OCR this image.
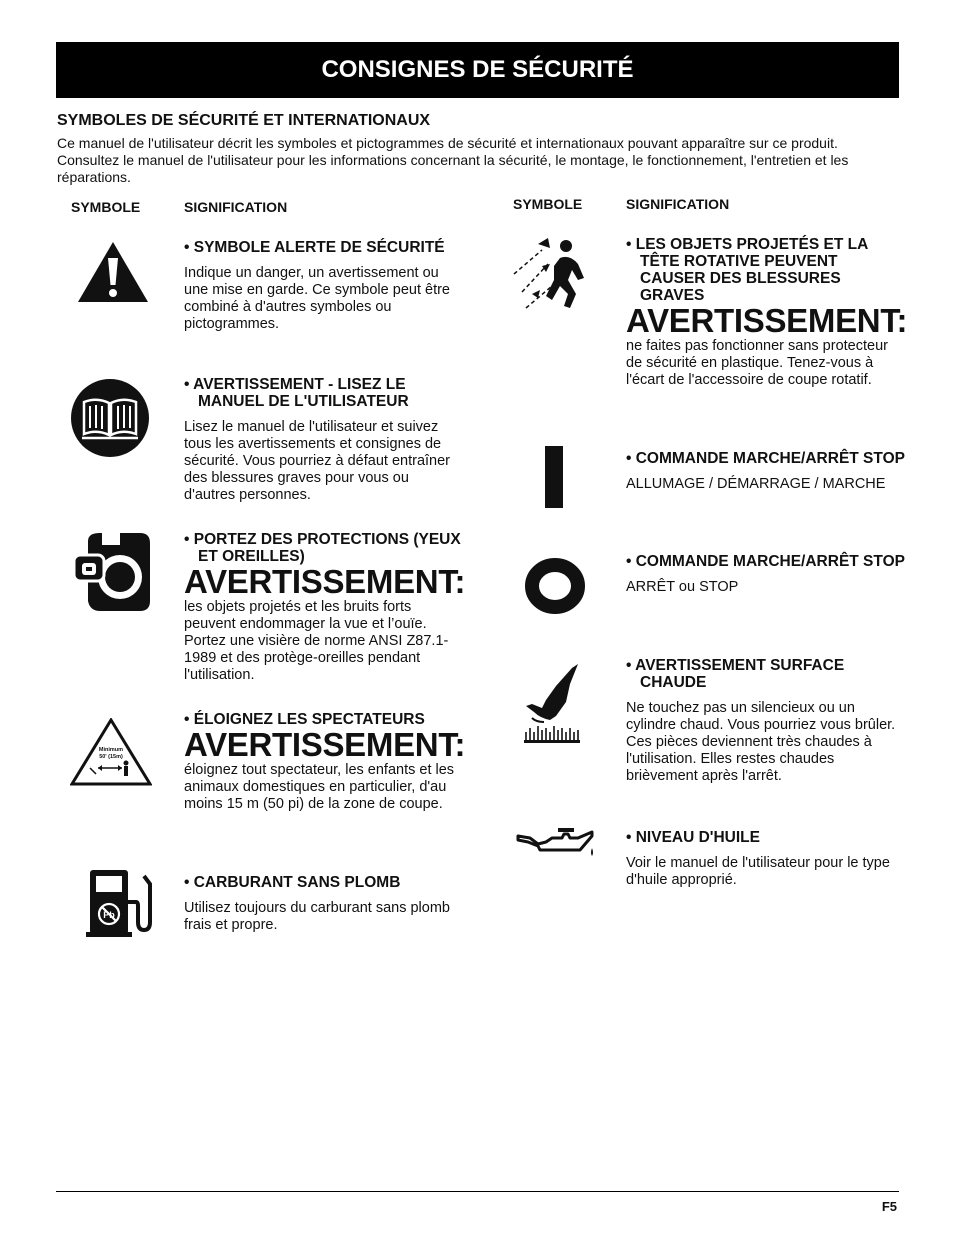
CONSIGNES DE SÉCURITÉ
SYMBOLES DE SÉCURITÉ ET INTERNATIONAUX
Ce manuel de l'utilisateur décrit les symboles et pictogrammes de sécurité et internationaux pouvant apparaître sur ce produit. Consultez le manuel de l'utilisateur pour les informations concernant la sécurité, le montage, le fonctionnement, l'entretien et les réparations.
SYMBOLE	SIGNIFICATION	SYMBOLE	SIGNIFICATION
• SYMBOLE ALERTE DE SÉCURITÉ
Indique un danger, un avertissement ou une mise en garde. Ce symbole peut être combiné à d'autres symboles ou pictogrammes.
• AVERTISSEMENT - LISEZ LE MANUEL DE L'UTILISATEUR
Lisez le manuel de l'utilisateur et suivez tous les avertissements et consignes de sécurité. Vous pourriez à défaut entraîner des blessures graves pour vous ou d'autres personnes.
• PORTEZ DES PROTECTIONS (YEUX ET OREILLES)
AVERTISSEMENT:
les objets projetés et les bruits forts peuvent endommager la vue et l’ouïe. Portez une visière de norme ANSI Z87.1-1989 et des protège-oreilles pendant l'utilisation.
Minimum
50' (15m)
• ÉLOIGNEZ LES SPECTATEURS
AVERTISSEMENT:
éloignez tout spectateur, les enfants et les animaux domestiques en particulier, d'au moins 15 m (50 pi) de la zone de coupe.
Pb
• CARBURANT SANS PLOMB
Utilisez toujours du carburant sans plomb frais et propre.
• LES OBJETS PROJETÉS ET LA TÊTE ROTATIVE PEUVENT CAUSER DES BLESSURES GRAVES
AVERTISSEMENT:
ne faites pas fonctionner sans protecteur de sécurité en plastique. Tenez-vous à l'écart de l'accessoire de coupe rotatif.
• COMMANDE MARCHE/ARRÊT STOP
ALLUMAGE / DÉMARRAGE / MARCHE
• COMMANDE MARCHE/ARRÊT STOP
ARRÊT ou STOP
• AVERTISSEMENT SURFACE CHAUDE
Ne touchez pas un silencieux ou un cylindre chaud. Vous pourriez vous brûler. Ces pièces deviennent très chaudes à l'utilisation. Elles restes chaudes brièvement après l'arrêt.
• NIVEAU D'HUILE
Voir le manuel de l'utilisateur pour le type d'huile approprié.
F5
